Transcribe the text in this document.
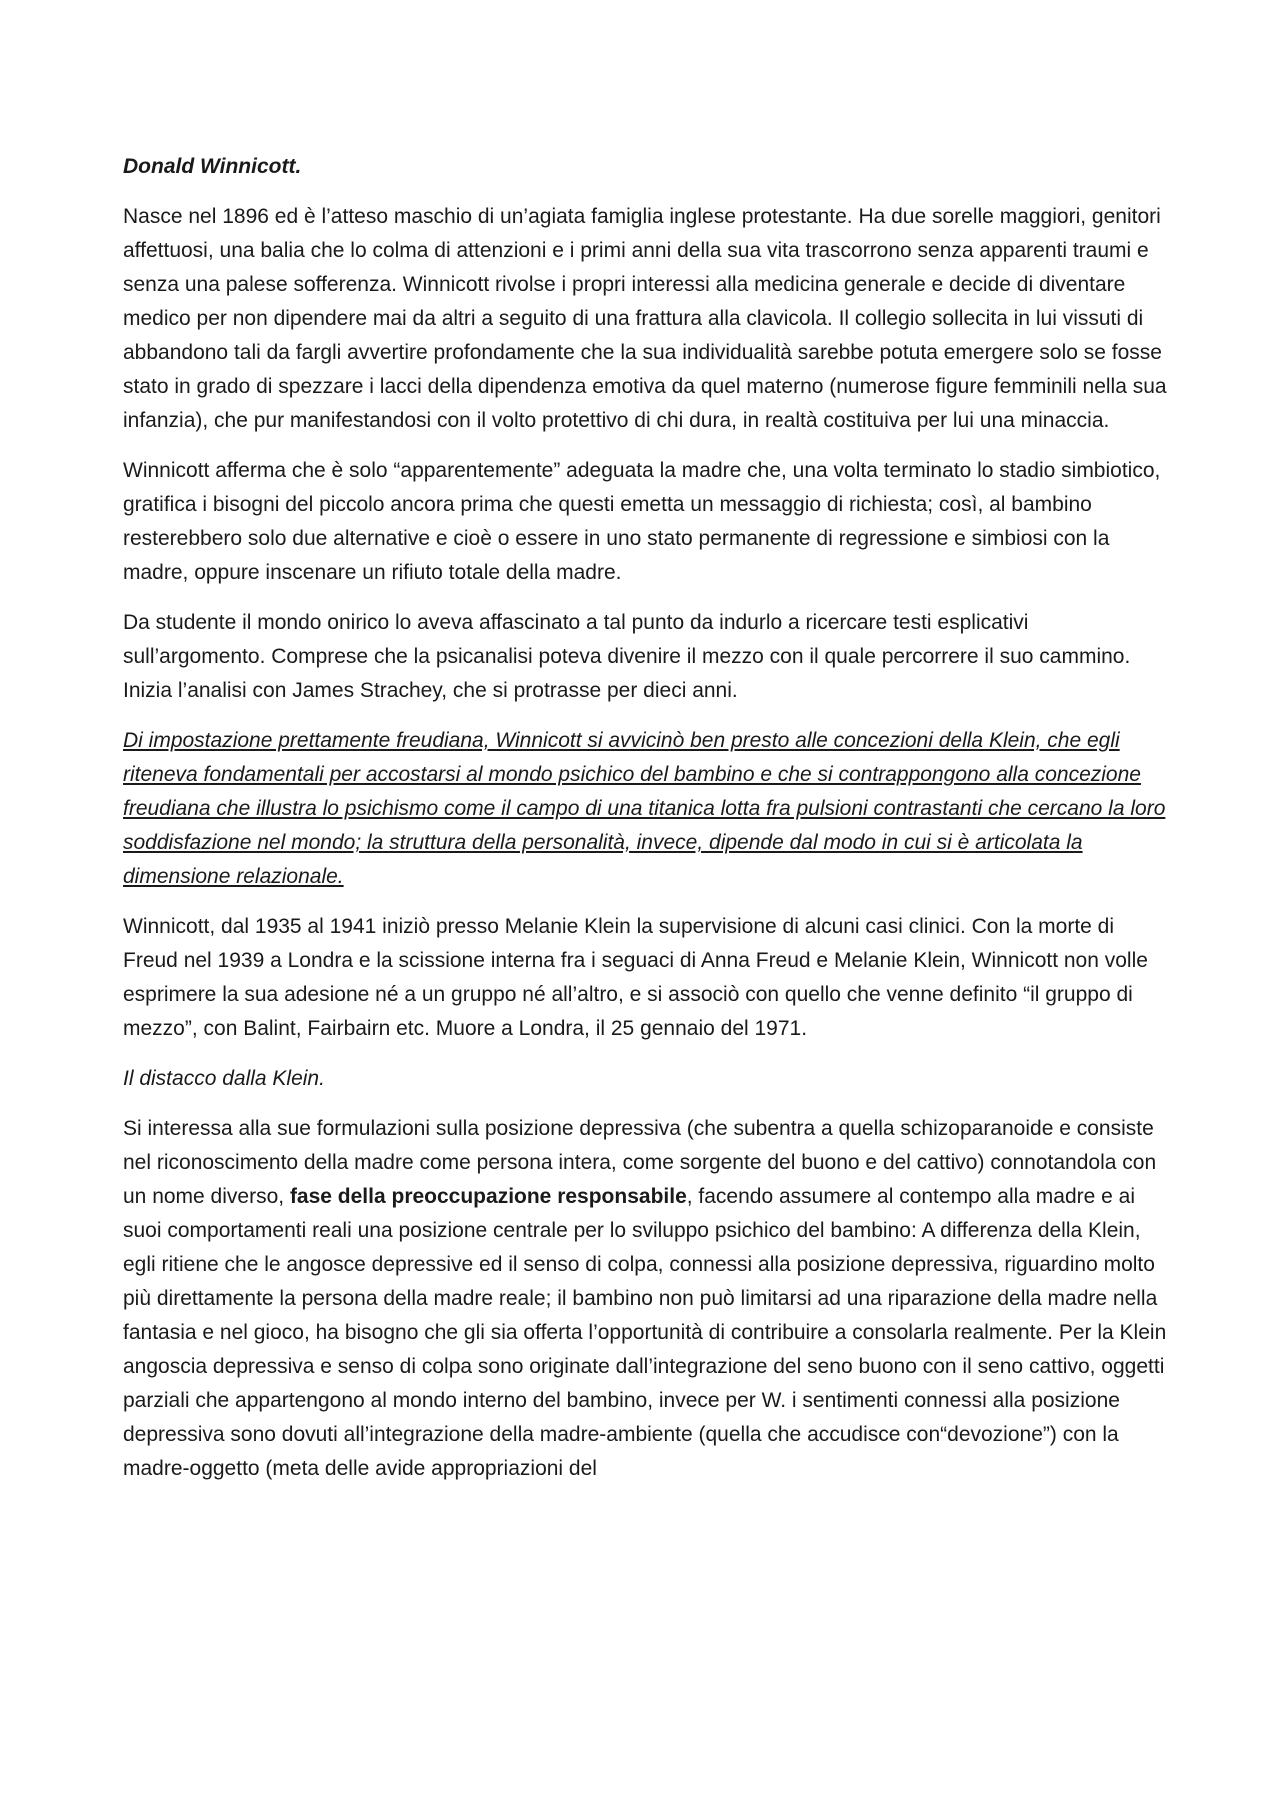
Donald Winnicott.

Nasce nel 1896 ed è l’atteso maschio di un’agiata famiglia inglese protestante. Ha due sorelle maggiori, genitori affettuosi, una balia che lo colma di attenzioni e i primi anni della sua vita trascorrono senza apparenti traumi e senza una palese sofferenza. Winnicott rivolse i propri interessi alla medicina generale e decide di diventare medico per non dipendere mai da altri a seguito di una frattura alla clavicola. Il collegio sollecita in lui vissuti di abbandono tali da fargli avvertire profondamente che la sua individualità sarebbe potuta emergere solo se fosse stato in grado di spezzare i lacci della dipendenza emotiva da quel materno (numerose figure femminili nella sua infanzia), che pur manifestandosi con il volto protettivo di chi dura, in realtà costituiva per lui una minaccia.

Winnicott afferma che è solo “apparentemente” adeguata la madre che, una volta terminato lo stadio simbiotico, gratifica i bisogni del piccolo ancora prima che questi emetta un messaggio di richiesta; così, al bambino resterebbero solo due alternative e cioè o essere in uno stato permanente di regressione e simbiosi con la madre, oppure inscenare un rifiuto totale della madre.

Da studente il mondo onirico lo aveva affascinato a tal punto da indurlo a ricercare testi esplicativi sull’argomento. Comprese che la psicanalisi poteva divenire il mezzo con il quale percorrere il suo cammino. Inizia l’analisi con James Strachey, che si protrasse per dieci anni.

Di impostazione prettamente freudiana, Winnicott si avvicinò ben presto alle concezioni della Klein, che egli riteneva fondamentali per accostarsi al mondo psichico del bambino e che si contrappongono alla concezione freudiana che illustra lo psichismo come il campo di una titanica lotta fra pulsioni contrastanti che cercano la loro soddisfazione nel mondo; la struttura della personalità, invece, dipende dal modo in cui si è articolata la dimensione relazionale.

Winnicott, dal 1935 al 1941 iniziò presso Melanie Klein la supervisione di alcuni casi clinici. Con la morte di Freud nel 1939 a Londra e la scissione interna fra i seguaci di Anna Freud e Melanie Klein, Winnicott non volle esprimere la sua adesione né a un gruppo né all’altro, e si associò con quello che venne definito “il gruppo di mezzo”, con Balint, Fairbairn etc. Muore a Londra, il 25 gennaio del 1971.

Il distacco dalla Klein.

Si interessa alla sue formulazioni sulla posizione depressiva (che subentra a quella schizoparanoide e consiste nel riconoscimento della madre come persona intera, come sorgente del buono e del cattivo) connotandola con un nome diverso, fase della preoccupazione responsabile, facendo assumere al contempo alla madre e ai suoi comportamenti reali una posizione centrale per lo sviluppo psichico del bambino: A differenza della Klein, egli ritiene che le angosce depressive ed il senso di colpa, connessi alla posizione depressiva, riguardino molto più direttamente la persona della madre reale; il bambino non può limitarsi ad una riparazione della madre nella fantasia e nel gioco, ha bisogno che gli sia offerta l’opportunità di contribuire a consolarla realmente. Per la Klein angoscia depressiva e senso di colpa sono originate dall’integrazione del seno buono con il seno cattivo, oggetti parziali che appartengono al mondo interno del bambino, invece per W. i sentimenti connessi alla posizione depressiva sono dovuti all’integrazione della madre-ambiente (quella che accudisce con“devozione”) con la madre-oggetto (meta delle avide appropriazioni del
